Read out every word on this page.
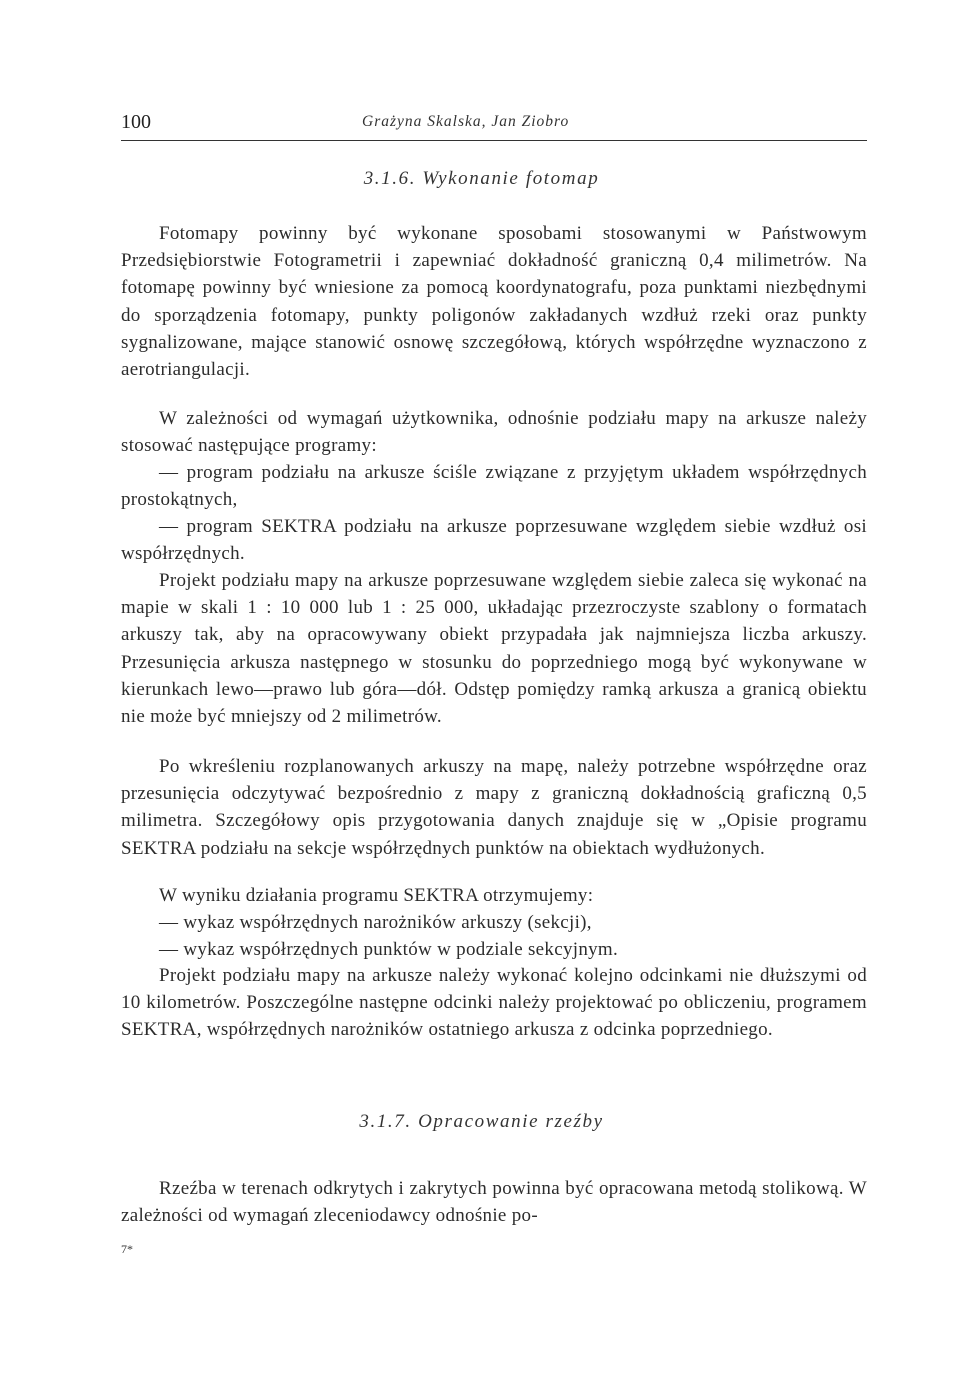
100	Grażyna Skalska, Jan Ziobro
3.1.6. Wykonanie fotomap

Fotomapy powinny być wykonane sposobami stosowanymi w Państwowym Przedsiębiorstwie Fotogrametrii i zapewniać dokładność graniczną 0,4 milimetrów. Na fotomapę powinny być wniesione za pomocą koordynatografu, poza punktami niezbędnymi do sporządzenia fotomapy, punkty poligonów zakładanych wzdłuż rzeki oraz punkty sygnalizowane, mające stanowić osnowę szczegółową, których współrzędne wyznaczono z aerotriangulacji.

W zależności od wymagań użytkownika, odnośnie podziału mapy na arkusze należy stosować następujące programy:

— program podziału na arkusze ściśle związane z przyjętym układem współrzędnych prostokątnych,

— program SEKTRA podziału na arkusze poprzesuwane względem siebie wzdłuż osi współrzędnych.

Projekt podziału mapy na arkusze poprzesuwane względem siebie zaleca się wykonać na mapie w skali 1 : 10 000 lub 1 : 25 000, układając przezroczyste szablony o formatach arkuszy tak, aby na opracowywany obiekt przypadała jak najmniejsza liczba arkuszy. Przesunięcia arkusza następnego w stosunku do poprzedniego mogą być wykonywane w kierunkach lewo—prawo lub góra—dół. Odstęp pomiędzy ramką arkusza a granicą obiektu nie może być mniejszy od 2 milimetrów.

Po wkreśleniu rozplanowanych arkuszy na mapę, należy potrzebne współrzędne oraz przesunięcia odczytywać bezpośrednio z mapy z graniczną dokładnością graficzną 0,5 milimetra. Szczegółowy opis przygotowania danych znajduje się w „Opisie programu SEKTRA podziału na sekcje współrzędnych punktów na obiektach wydłużonych.

W wyniku działania programu SEKTRA otrzymujemy:

— wykaz współrzędnych narożników arkuszy (sekcji),

— wykaz współrzędnych punktów w podziale sekcyjnym.

Projekt podziału mapy na arkusze należy wykonać kolejno odcinkami nie dłuższymi od 10 kilometrów. Poszczególne następne odcinki należy projektować po obliczeniu, programem SEKTRA, współrzędnych narożników ostatniego arkusza z odcinka poprzedniego.

3.1.7. Opracowanie rzeźby

Rzeźba w terenach odkrytych i zakrytych powinna być opracowana metodą stolikową. W zależności od wymagań zleceniodawcy odnośnie po-

7*
